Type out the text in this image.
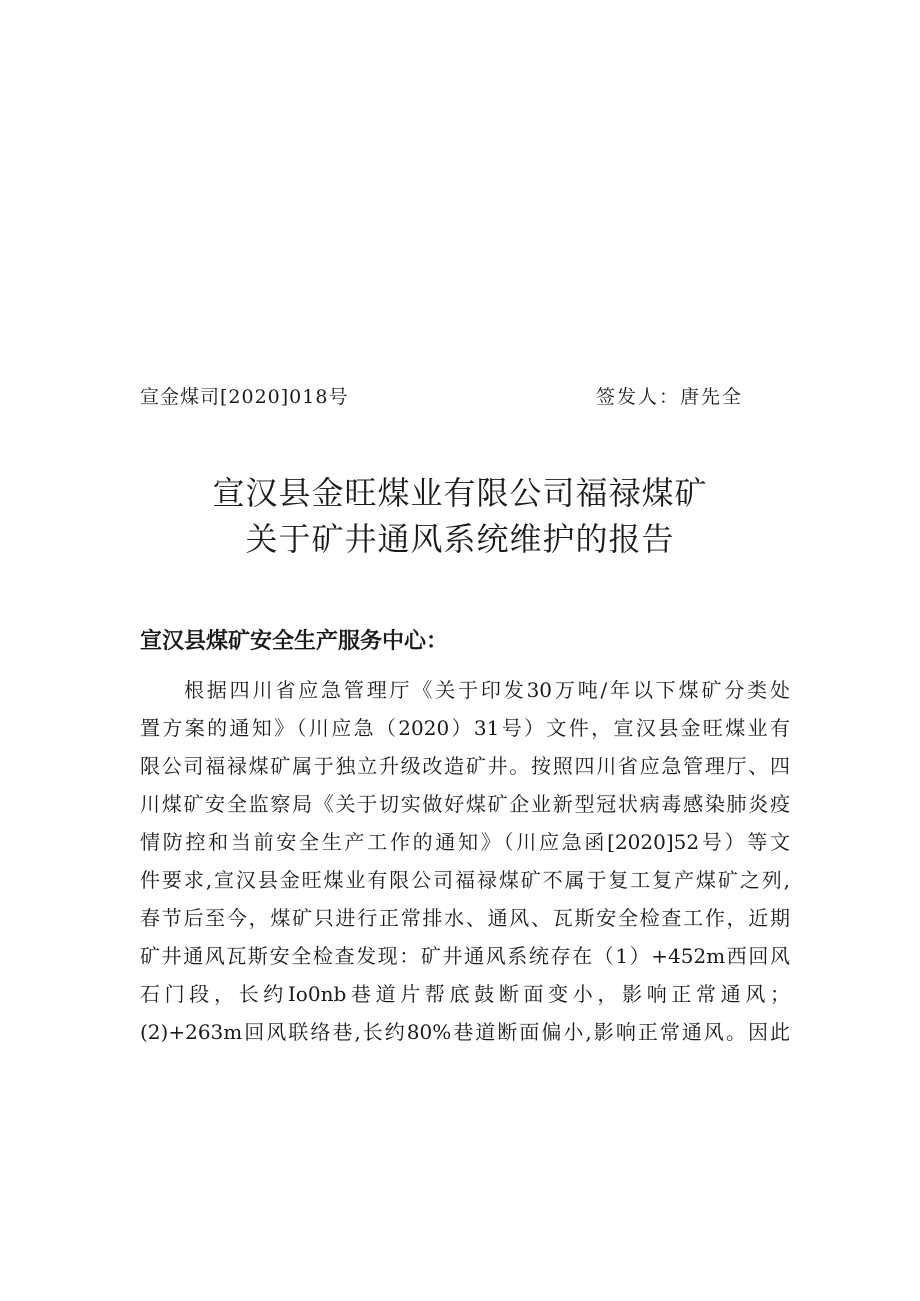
宣金煤司[2020]018号	签发人：唐先全
宣汉县金旺煤业有限公司福禄煤矿
关于矿井通风系统维护的报告
宣汉县煤矿安全生产服务中心：
根据四川省应急管理厅《关于印发30万吨/年以下煤矿分类处
置方案的通知》（川应急（2020）31号）文件，宣汉县金旺煤业有
限公司福禄煤矿属于独立升级改造矿井。按照四川省应急管理厅、四
川煤矿安全监察局《关于切实做好煤矿企业新型冠状病毒感染肺炎疫
情防控和当前安全生产工作的通知》（川应急函[2020]52号）等文
件要求,宣汉县金旺煤业有限公司福禄煤矿不属于复工复产煤矿之列,
春节后至今，煤矿只进行正常排水、通风、瓦斯安全检查工作，近期
矿井通风瓦斯安全检查发现：矿井通风系统存在（1）+452m西回风
石门段，长约Io0nb巷道片帮底鼓断面变小，影响正常通风；
(2)+263m回风联络巷,长约80%巷道断面偏小,影响正常通风。因此
